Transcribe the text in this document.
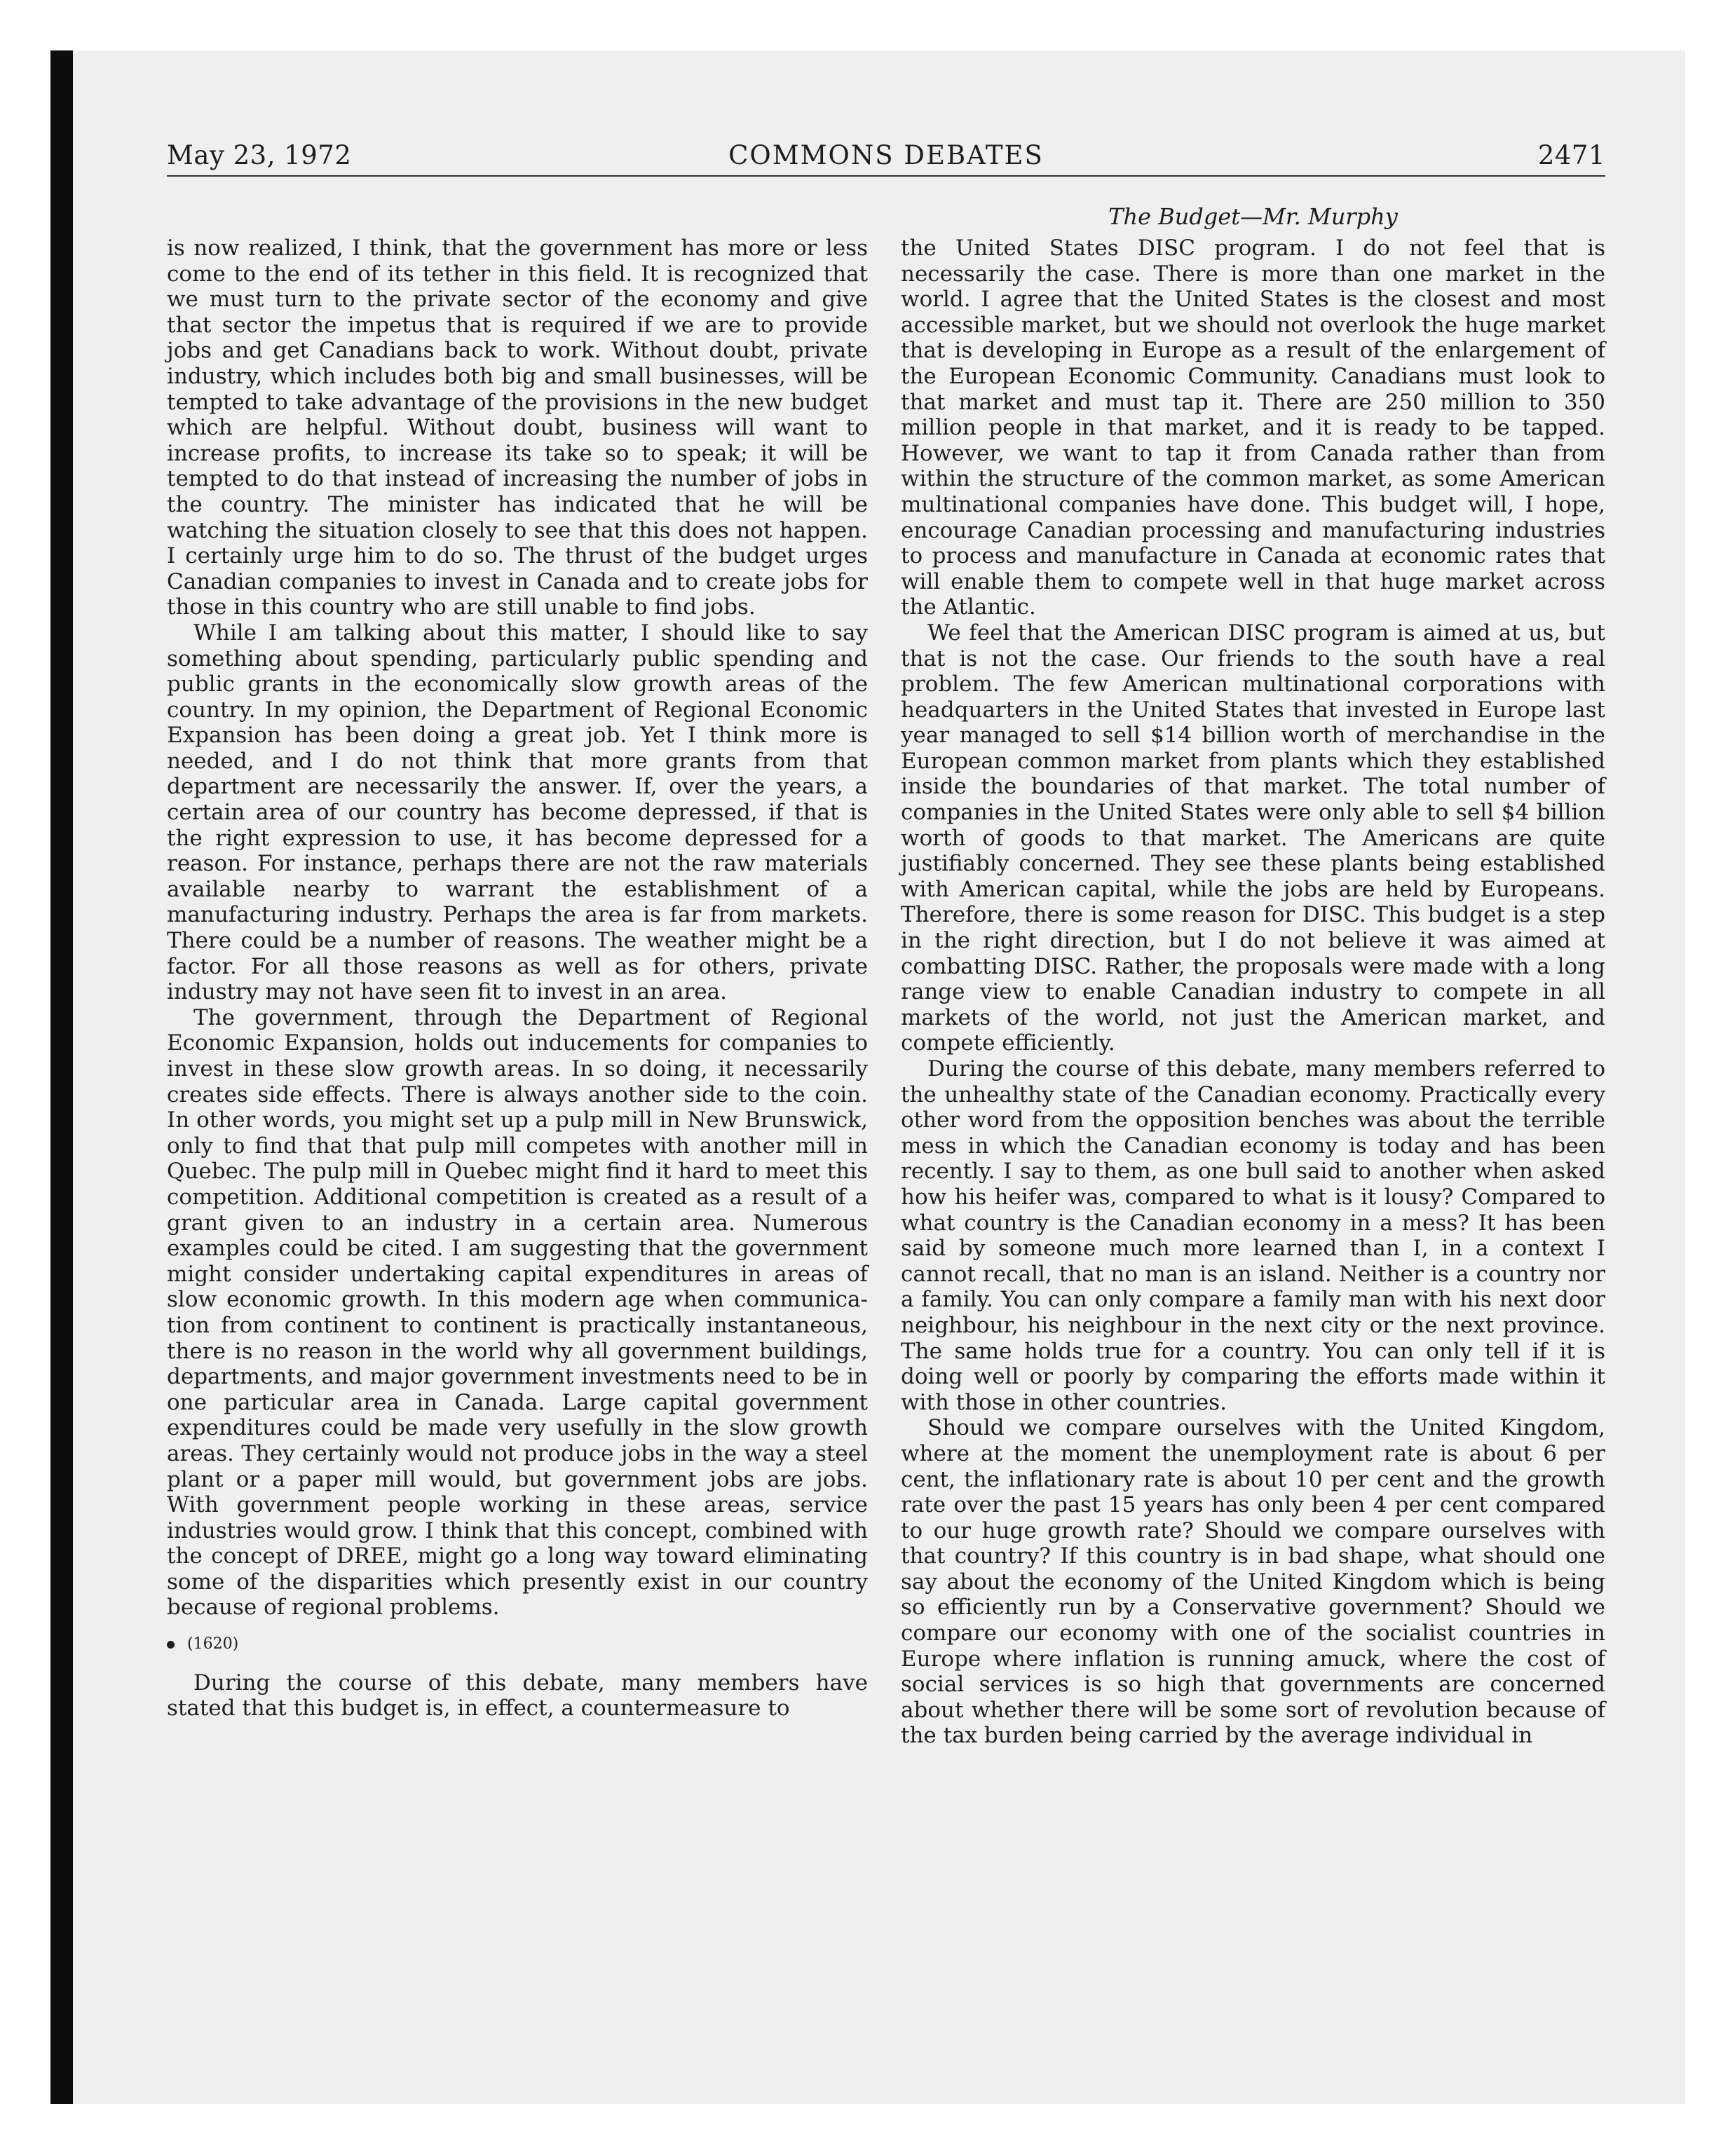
May 23, 1972	COMMONS DEBATES	2471
The Budget—Mr. Murphy

is now realized, I think, that the government has more or less come to the end of its tether in this field. It is recognized that we must turn to the private sector of the economy and give that sector the impetus that is required if we are to provide jobs and get Canadians back to work. Without doubt, private industry, which includes both big and small businesses, will be tempted to take advantage of the provisions in the new budget which are helpful. Without doubt, business will want to increase profits, to increase its take so to speak; it will be tempted to do that instead of increasing the number of jobs in the country. The minister has indicated that he will be watching the situation closely to see that this does not happen. I certainly urge him to do so. The thrust of the budget urges Canadian companies to invest in Canada and to create jobs for those in this country who are still unable to find jobs.

While I am talking about this matter, I should like to say something about spending, particularly public spending and public grants in the economically slow growth areas of the country. In my opinion, the Department of Regional Economic Expansion has been doing a great job. Yet I think more is needed, and I do not think that more grants from that department are necessarily the answer. If, over the years, a certain area of our country has become depressed, if that is the right expression to use, it has become depressed for a reason. For instance, perhaps there are not the raw materials available nearby to warrant the establishment of a manufacturing industry. Perhaps the area is far from markets. There could be a number of reasons. The weather might be a factor. For all those reasons as well as for others, private industry may not have seen fit to invest in an area.

The government, through the Department of Regional Economic Expansion, holds out inducements for companies to invest in these slow growth areas. In so doing, it necessarily creates side effects. There is always another side to the coin. In other words, you might set up a pulp mill in New Brunswick, only to find that that pulp mill competes with another mill in Quebec. The pulp mill in Quebec might find it hard to meet this competition. Additional competition is created as a result of a grant given to an industry in a certain area. Numerous examples could be cited. I am suggesting that the government might consider undertaking capital expenditures in areas of slow economic growth. In this modern age when communication from continent to continent is practically instantaneous, there is no reason in the world why all government buildings, departments, and major government investments need to be in one particular area in Canada. Large capital government expenditures could be made very usefully in the slow growth areas. They certainly would not produce jobs in the way a steel plant or a paper mill would, but government jobs are jobs. With government people working in these areas, service industries would grow. I think that this concept, combined with the concept of DREE, might go a long way toward eliminating some of the disparities which presently exist in our country because of regional problems.

(1620)

During the course of this debate, many members have stated that this budget is, in effect, a countermeasure to

the United States DISC program. I do not feel that is necessarily the case. There is more than one market in the world. I agree that the United States is the closest and most accessible market, but we should not overlook the huge market that is developing in Europe as a result of the enlargement of the European Economic Community. Canadians must look to that market and must tap it. There are 250 million to 350 million people in that market, and it is ready to be tapped. However, we want to tap it from Canada rather than from within the structure of the common market, as some American multinational companies have done. This budget will, I hope, encourage Canadian processing and manufacturing industries to process and manufacture in Canada at economic rates that will enable them to compete well in that huge market across the Atlantic.

We feel that the American DISC program is aimed at us, but that is not the case. Our friends to the south have a real problem. The few American multinational corporations with headquarters in the United States that invested in Europe last year managed to sell $14 billion worth of merchandise in the European common market from plants which they established inside the boundaries of that market. The total number of companies in the United States were only able to sell $4 billion worth of goods to that market. The Americans are quite justifiably concerned. They see these plants being established with American capital, while the jobs are held by Europeans. Therefore, there is some reason for DISC. This budget is a step in the right direction, but I do not believe it was aimed at combatting DISC. Rather, the proposals were made with a long range view to enable Canadian industry to compete in all markets of the world, not just the American market, and compete efficiently.

During the course of this debate, many members referred to the unhealthy state of the Canadian economy. Practically every other word from the opposition benches was about the terrible mess in which the Canadian economy is today and has been recently. I say to them, as one bull said to another when asked how his heifer was, compared to what is it lousy? Compared to what country is the Canadian economy in a mess? It has been said by someone much more learned than I, in a context I cannot recall, that no man is an island. Neither is a country nor a family. You can only compare a family man with his next door neighbour, his neighbour in the next city or the next province. The same holds true for a country. You can only tell if it is doing well or poorly by comparing the efforts made within it with those in other countries.

Should we compare ourselves with the United Kingdom, where at the moment the unemployment rate is about 6 per cent, the inflationary rate is about 10 per cent and the growth rate over the past 15 years has only been 4 per cent compared to our huge growth rate? Should we compare ourselves with that country? If this country is in bad shape, what should one say about the economy of the United Kingdom which is being so efficiently run by a Conservative government? Should we compare our economy with one of the socialist countries in Europe where inflation is running amuck, where the cost of social services is so high that governments are concerned about whether there will be some sort of revolution because of the tax burden being carried by the average individual in
